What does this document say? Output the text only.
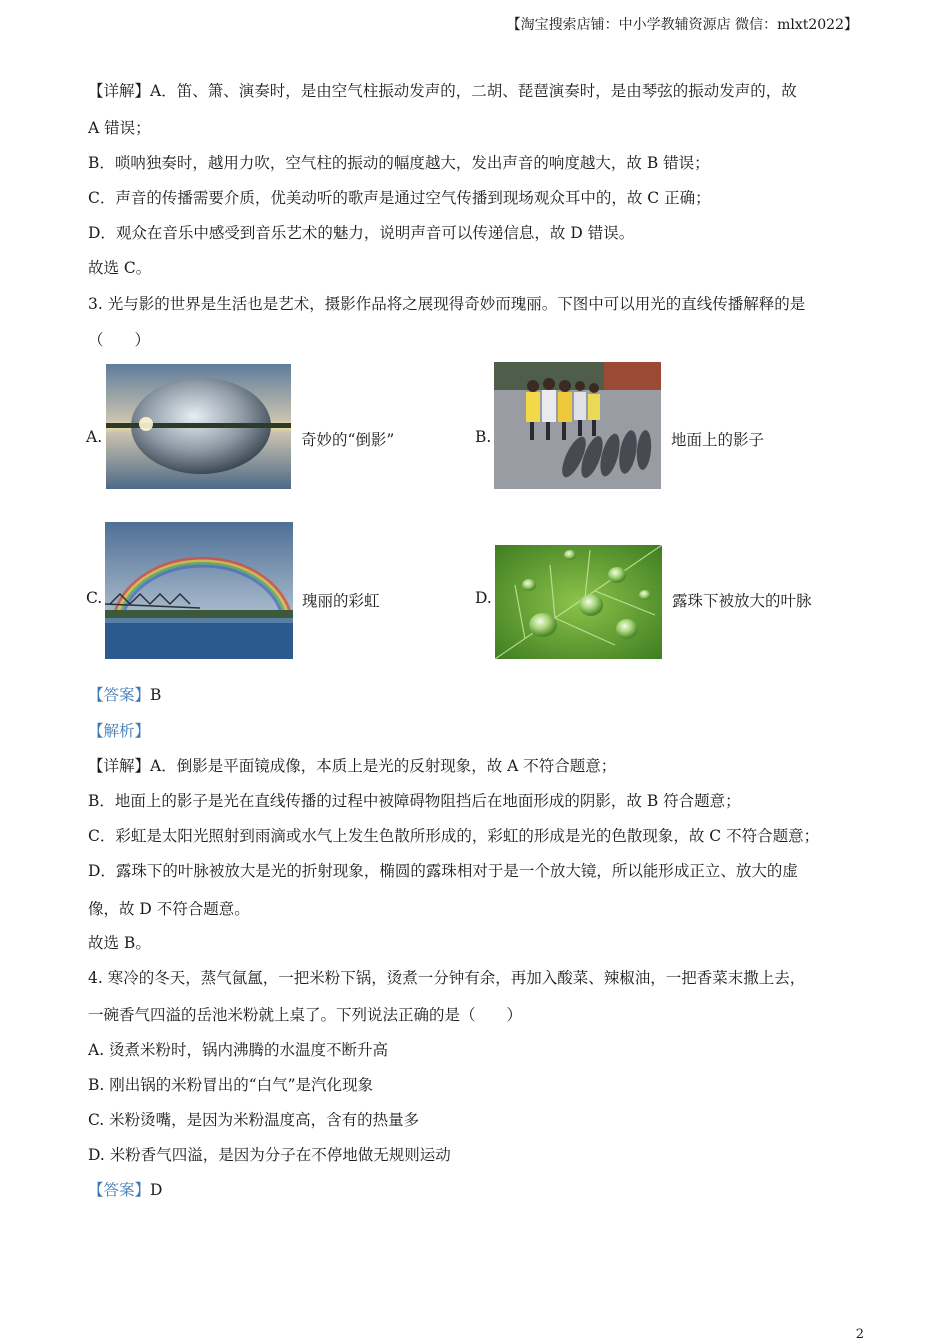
【淘宝搜索店铺：中小学教辅资源店 微信：mlxt2022】
【详解】A．笛、箫、演奏时，是由空气柱振动发声的，二胡、琵琶演奏时，是由琴弦的振动发声的，故
A 错误；
B．唢呐独奏时，越用力吹，空气柱的振动的幅度越大，发出声音的响度越大，故 B 错误；
C．声音的传播需要介质，优美动听的歌声是通过空气传播到现场观众耳中的，故 C 正确；
D．观众在音乐中感受到音乐艺术的魅力，说明声音可以传递信息，故 D 错误。
故选 C。
3. 光与影的世界是生活也是艺术，摄影作品将之展现得奇妙而瑰丽。下图中可以用光的直线传播解释的是
（　　）
A.	奇妙的“倒影”	B.	地面上的影子
C.	瑰丽的彩虹	D.	露珠下被放大的叶脉
【答案】B
【解析】
【详解】A．倒影是平面镜成像，本质上是光的反射现象，故 A 不符合题意；
B．地面上的影子是光在直线传播的过程中被障碍物阻挡后在地面形成的阴影，故 B 符合题意；
C．彩虹是太阳光照射到雨滴或水气上发生色散所形成的，彩虹的形成是光的色散现象，故 C 不符合题意；
D．露珠下的叶脉被放大是光的折射现象，椭圆的露珠相对于是一个放大镜，所以能形成正立、放大的虚
像，故 D 不符合题意。
故选 B。
4. 寒冷的冬天，蒸气氤氲，一把米粉下锅，烫煮一分钟有余，再加入酸菜、辣椒油，一把香菜末撒上去，
一碗香气四溢的岳池米粉就上桌了。下列说法正确的是（　　）
A. 烫煮米粉时，锅内沸腾的水温度不断升高
B. 刚出锅的米粉冒出的“白气”是汽化现象
C. 米粉烫嘴，是因为米粉温度高，含有的热量多
D. 米粉香气四溢，是因为分子在不停地做无规则运动
【答案】D
2
